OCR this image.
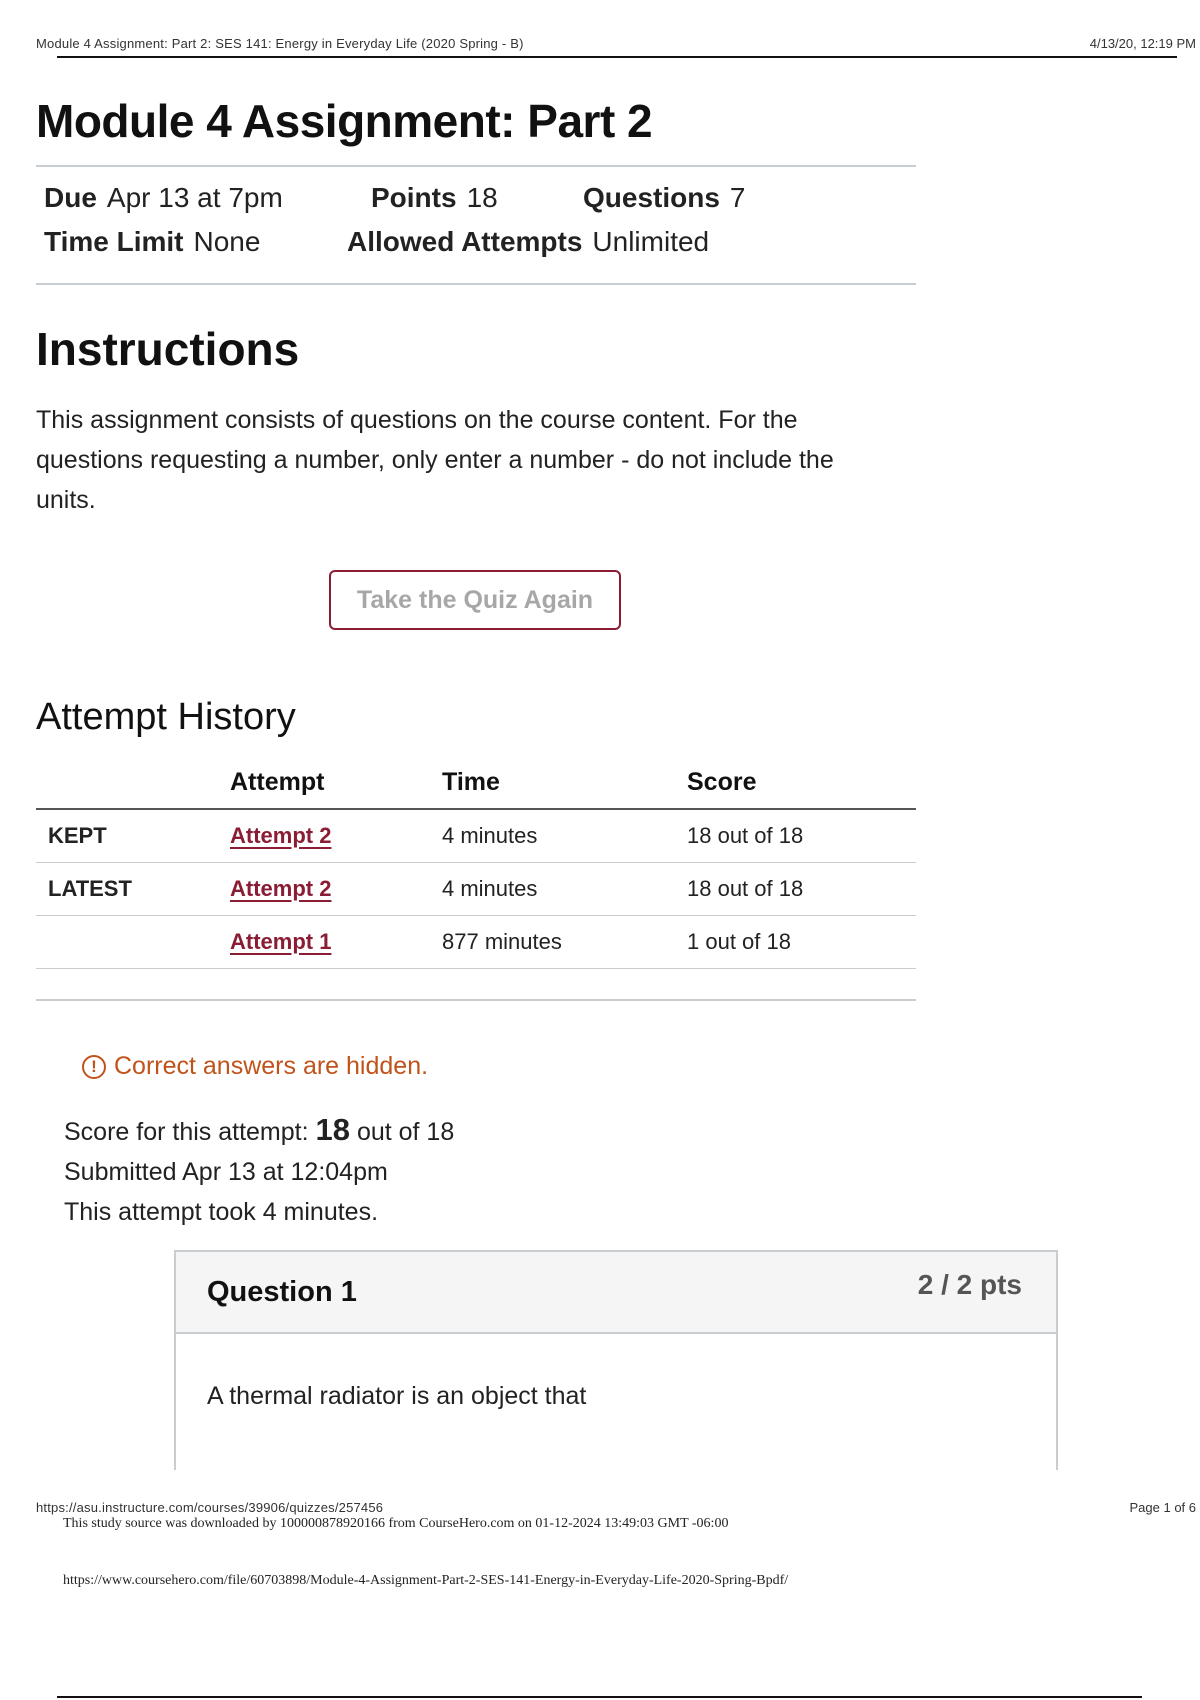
Module 4 Assignment: Part 2: SES 141: Energy in Everyday Life (2020 Spring - B)	4/13/20, 12:19 PM
Module 4 Assignment: Part 2
Due Apr 13 at 7pm	Points 18	Questions 7
Time Limit None	Allowed Attempts Unlimited
Instructions
This assignment consists of questions on the course content. For the questions requesting a number, only enter a number - do not include the units.
Take the Quiz Again
Attempt History
	Attempt	Time	Score
KEPT	Attempt 2	4 minutes	18 out of 18
LATEST	Attempt 2	4 minutes	18 out of 18
	Attempt 1	877 minutes	1 out of 18
! Correct answers are hidden.
Score for this attempt: 18 out of 18
Submitted Apr 13 at 12:04pm
This attempt took 4 minutes.
Question 1	2 / 2 pts
A thermal radiator is an object that
https://asu.instructure.com/courses/39906/quizzes/257456	Page 1 of 6
This study source was downloaded by 100000878920166 from CourseHero.com on 01-12-2024 13:49:03 GMT -06:00
https://www.coursehero.com/file/60703898/Module-4-Assignment-Part-2-SES-141-Energy-in-Everyday-Life-2020-Spring-Bpdf/
